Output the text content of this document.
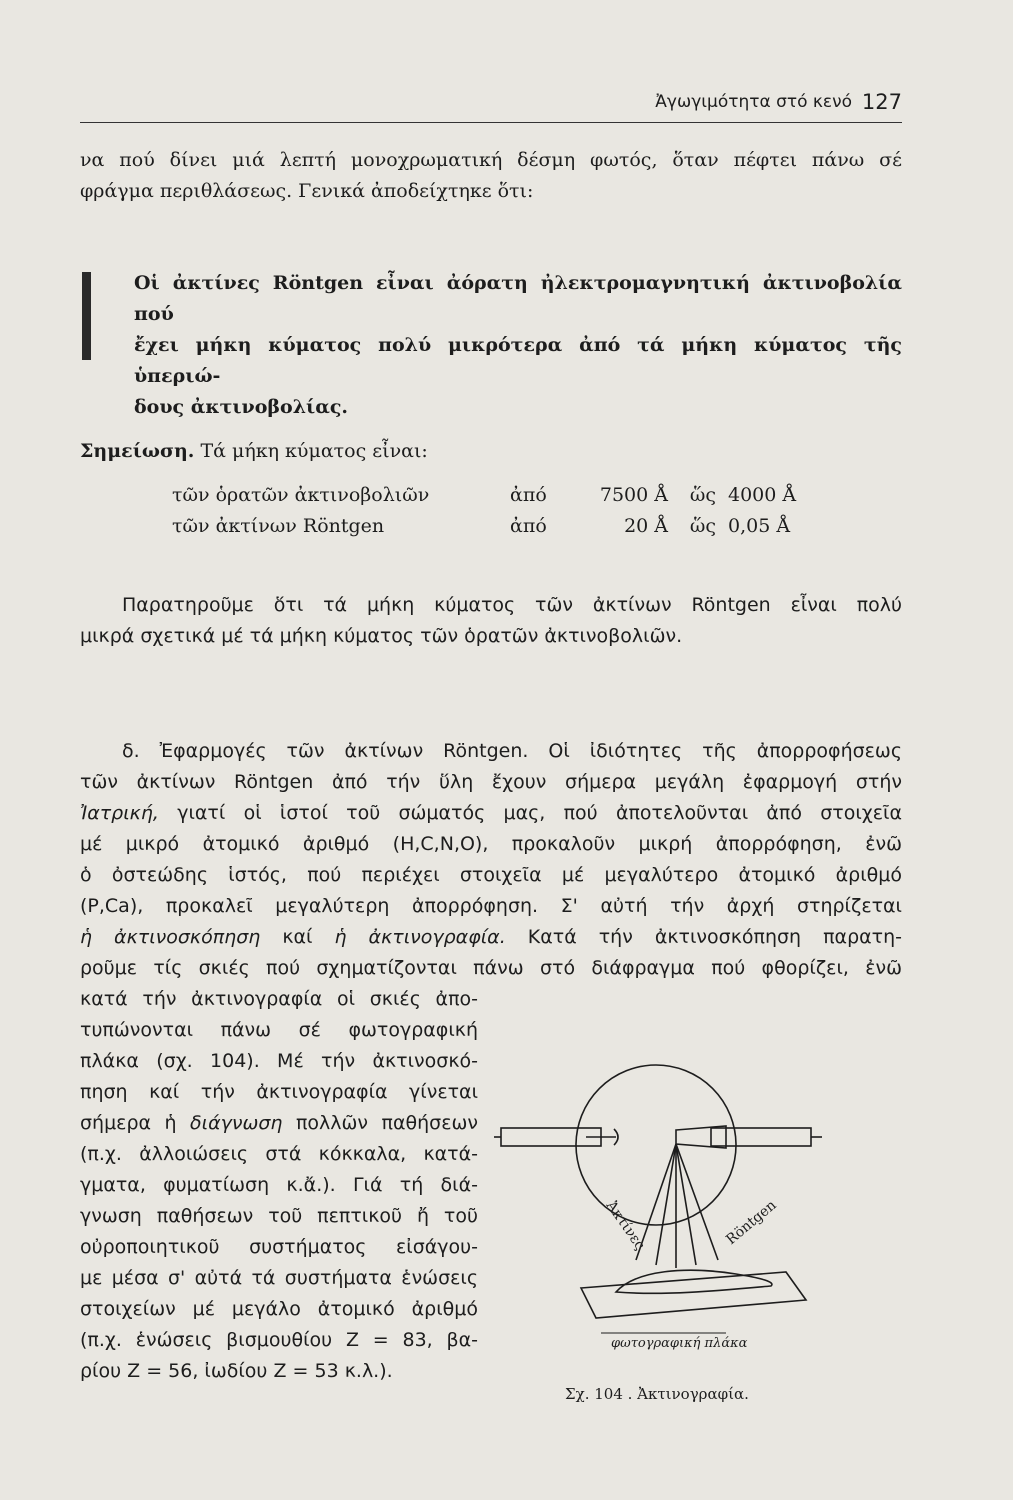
Ἀγωγιμότητα στό κενό 127

να πού δίνει μιά λεπτή μονοχρωματική δέσμη φωτός, ὅταν πέφτει πάνω σέ

φράγμα περιθλάσεως. Γενικά ἀποδείχτηκε ὅτι:

Οἱ ἀκτίνες Röntgen εἶναι ἀόρατη ἠλεκτρομαγνητική ἀκτινοβολία πού
ἔχει μήκη κύματος πολύ μικρότερα ἀπό τά μήκη κύματος τῆς ὑπεριώ-
δους ἀκτινοβολίας.
Σημείωση. Τά μήκη κύματος εἶναι:
τῶν ὁρατῶν ἀκτινοβολιῶν	ἀπό	7500 Å	ὥς	4000 Å
τῶν ἀκτίνων Röntgen	ἀπό	20 Å	ὥς	0,05 Å

Παρατηροῦμε ὅτι τά μήκη κύματος τῶν ἀκτίνων Röntgen εἶναι πολύ

μικρά σχετικά μέ τά μήκη κύματος τῶν ὁρατῶν ἀκτινοβολιῶν.

δ. Ἐφαρμογές τῶν ἀκτίνων Röntgen. Οἱ ἰδιότητες τῆς ἀπορροφήσεως

τῶν ἀκτίνων Röntgen ἀπό τήν ὕλη ἔχουν σήμερα μεγάλη ἐφαρμογή στήν

Ἰατρική, γιατί οἱ ἱστοί τοῦ σώματός μας, πού ἀποτελοῦνται ἀπό στοιχεῖα

μέ μικρό ἀτομικό ἀριθμό (H,C,N,O), προκαλοῦν μικρή ἀπορρόφηση, ἐνῶ

ὁ ὀστεώδης ἱστός, πού περιέχει στοιχεῖα μέ μεγαλύτερο ἀτομικό ἀριθμό

(P,Ca), προκαλεῖ μεγαλύτερη ἀπορρόφηση. Σ' αὐτή τήν ἀρχή στηρίζεται

ἡ ἀκτινοσκόπηση καί ἡ ἀκτινογραφία. Κατά τήν ἀκτινοσκόπηση παρατη-

ροῦμε τίς σκιές πού σχηματίζονται πάνω στό διάφραγμα πού φθορίζει, ἐνῶ

κατά τήν ἀκτινογραφία οἱ σκιές ἀπο-

τυπώνονται πάνω σέ φωτογραφική

πλάκα (σχ. 104). Μέ τήν ἀκτινοσκό-

πηση καί τήν ἀκτινογραφία γίνεται

σήμερα ἡ διάγνωση πολλῶν παθήσεων

(π.χ. ἀλλοιώσεις στά κόκκαλα, κατά-

γματα, φυματίωση κ.ἄ.). Γιά τή διά-

γνωση παθήσεων τοῦ πεπτικοῦ ἤ τοῦ

οὐροποιητικοῦ συστήματος εἰσάγου-

με μέσα σ' αὐτά τά συστήματα ἑνώσεις

στοιχείων μέ μεγάλο ἀτομικό ἀριθμό

(π.χ. ἑνώσεις βισμουθίου Z = 83, βα-

ρίου Z = 56, ἰωδίου Z = 53 κ.λ.).

Ἀκτίνες	Röntgen
φωτογραφική πλάκα
Σχ. 104 . Ἀκτινογραφία.
